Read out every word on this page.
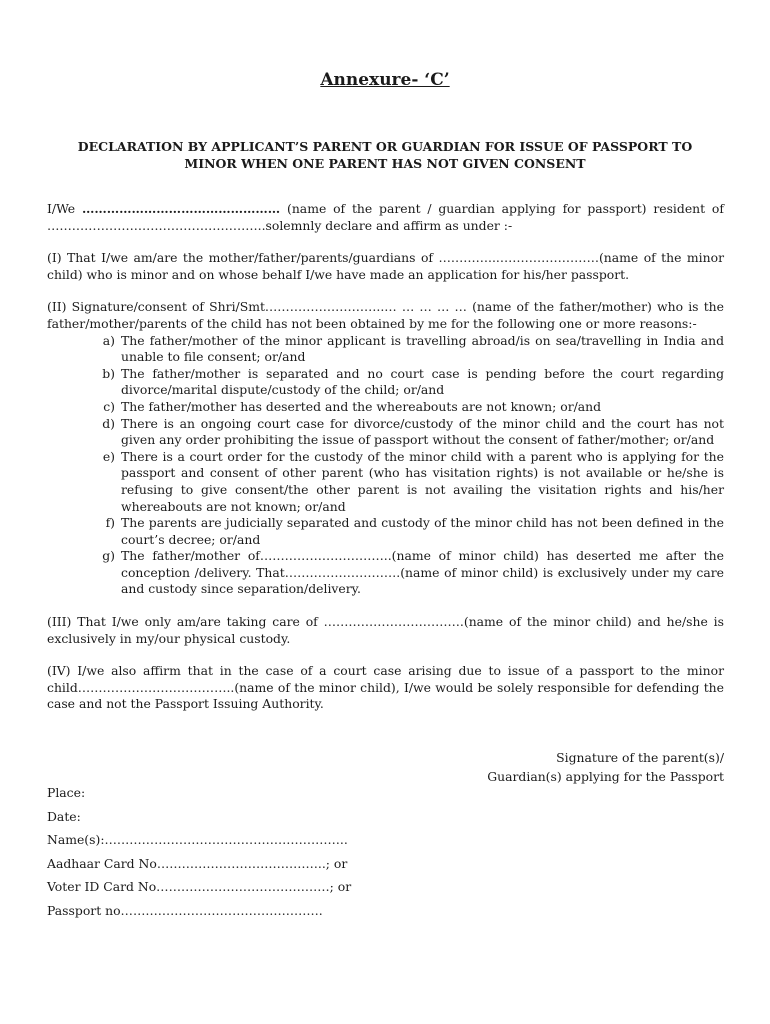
Annexure- ‘C’
DECLARATION BY APPLICANT’S PARENT OR GUARDIAN FOR ISSUE OF PASSPORT TO
MINOR WHEN ONE PARENT HAS NOT GIVEN CONSENT

I/We ………………………………………… (name of the parent / guardian applying for passport) resident of ……………………………………………..solemnly declare and affirm as under :-

(I) That I/we am/are the mother/father/parents/guardians of …………...……………………(name of the minor child) who is minor and on whose behalf I/we have made an application for his/her passport.

(II) Signature/consent of Shri/Smt………………………..… … … … … (name of the father/mother) who is the father/mother/parents of the child has not been obtained by me for the following one or more reasons:-

a) The father/mother of the minor applicant is travelling abroad/is on sea/travelling in India and unable to file consent; or/and
b) The father/mother is separated and no court case is pending before the court regarding divorce/marital dispute/custody of the child; or/and
c) The father/mother has deserted and the whereabouts are not known; or/and
d) There is an ongoing court case for divorce/custody of the minor child and the court has not given any order prohibiting the issue of passport without the consent of father/mother; or/and
e) There is a court order for the custody of the minor child with a parent who is applying for the passport and consent of other parent (who has visitation rights) is not available or he/she is refusing to give consent/the other parent is not availing the visitation rights and his/her whereabouts are not known; or/and
f) The parents are judicially separated and custody of the minor child has not been defined in the court’s decree; or/and
g) The father/mother of…………………………..(name of minor child) has deserted me after the conception /delivery. That……………………….(name of minor child) is exclusively under my care and custody since separation/delivery.

(III) That I/we only am/are taking care of …………………………….(name of the minor child) and he/she is exclusively in my/our physical custody.

(IV) I/we also affirm that in the case of a court case arising due to issue of a passport to the minor child………………………………..(name of the minor child), I/we would be solely responsible for defending the case and not the Passport Issuing Authority.

Signature of the parent(s)/
Guardian(s) applying for the Passport
Place:
Date:
Name(s):…………………………………………………..
Aadhaar Card No…………………………………..; or
Voter ID Card No……………………………………; or
Passport no………………………………………….
